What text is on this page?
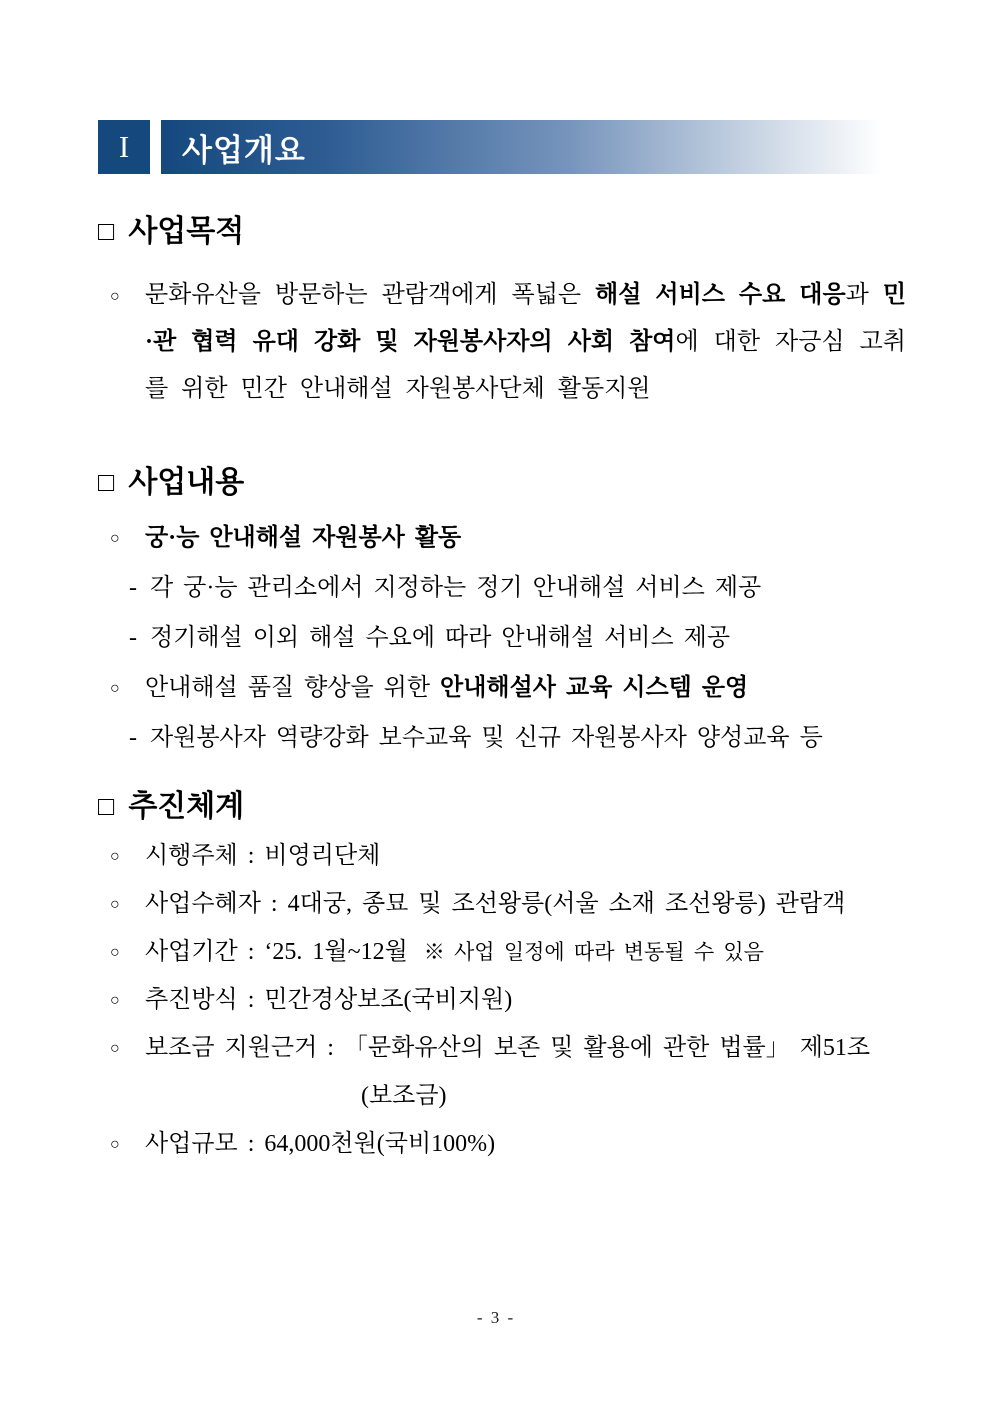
I 사업개요
□ 사업목적
○ 문화유산을 방문하는 관람객에게 폭넓은 해설 서비스 수요 대응과 민·관 협력 유대 강화 및 자원봉사자의 사회 참여에 대한 자긍심 고취를 위한 민간 안내해설 자원봉사단체 활동지원
□ 사업내용
○ 궁·능 안내해설 자원봉사 활동
- 각 궁·능 관리소에서 지정하는 정기 안내해설 서비스 제공
- 정기해설 이외 해설 수요에 따라 안내해설 서비스 제공
○ 안내해설 품질 향상을 위한 안내해설사 교육 시스템 운영
- 자원봉사자 역량강화 보수교육 및 신규 자원봉사자 양성교육 등
□ 추진체계
○ 시행주체 : 비영리단체
○ 사업수혜자 : 4대궁, 종묘 및 조선왕릉(서울 소재 조선왕릉) 관람객
○ 사업기간 : ‘25. 1월~12월 ※ 사업 일정에 따라 변동될 수 있음
○ 추진방식 : 민간경상보조(국비지원)
○ 보조금 지원근거 : 「문화유산의 보존 및 활용에 관한 법률」 제51조
(보조금)
○ 사업규모 : 64,000천원(국비100%)
- 3 -
